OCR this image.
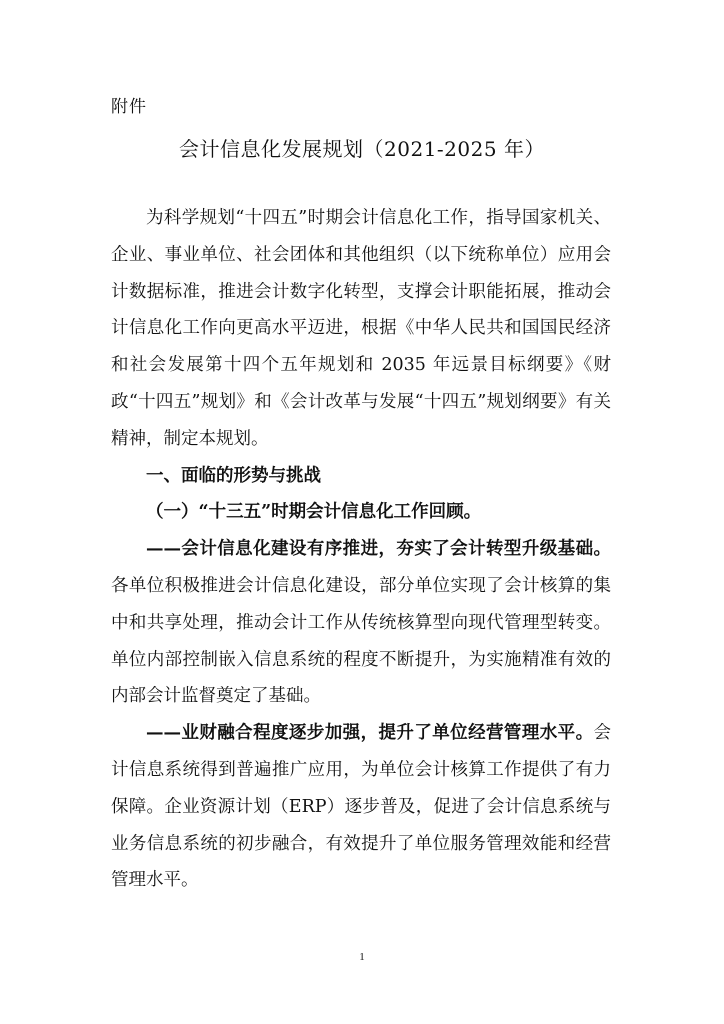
附件
会计信息化发展规划（2021-2025 年）

为科学规划“十四五”时期会计信息化工作，指导国家机关、企业、事业单位、社会团体和其他组织（以下统称单位）应用会计数据标准，推进会计数字化转型，支撑会计职能拓展，推动会计信息化工作向更高水平迈进，根据《中华人民共和国国民经济和社会发展第十四个五年规划和 2035 年远景目标纲要》《财政“十四五”规划》和《会计改革与发展“十四五”规划纲要》有关精神，制定本规划。

一、面临的形势与挑战

（一）“十三五”时期会计信息化工作回顾。

——会计信息化建设有序推进，夯实了会计转型升级基础。各单位积极推进会计信息化建设，部分单位实现了会计核算的集中和共享处理，推动会计工作从传统核算型向现代管理型转变。单位内部控制嵌入信息系统的程度不断提升，为实施精准有效的内部会计监督奠定了基础。

——业财融合程度逐步加强，提升了单位经营管理水平。会计信息系统得到普遍推广应用，为单位会计核算工作提供了有力保障。企业资源计划（ERP）逐步普及，促进了会计信息系统与业务信息系统的初步融合，有效提升了单位服务管理效能和经营管理水平。

1
